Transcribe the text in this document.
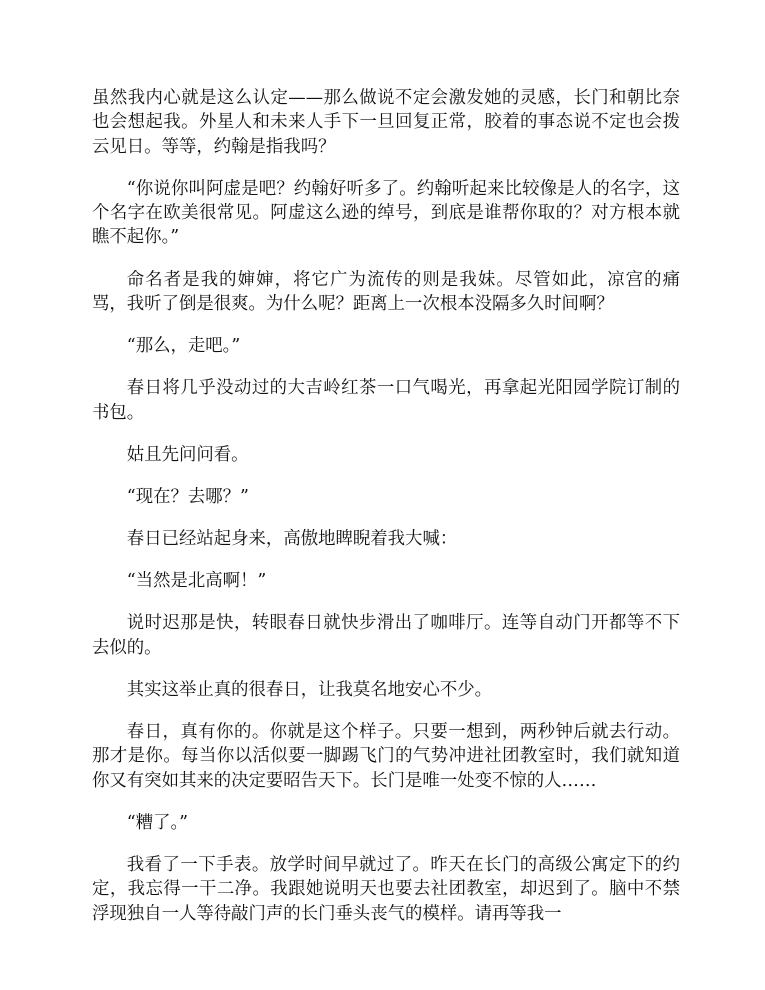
虽然我内心就是这么认定——那么做说不定会激发她的灵感，长门和朝比奈也会想起我。外星人和未来人手下一旦回复正常，胶着的事态说不定也会拨云见日。等等，约翰是指我吗？

“你说你叫阿虚是吧？约翰好听多了。约翰听起来比较像是人的名字，这个名字在欧美很常见。阿虚这么逊的绰号，到底是谁帮你取的？对方根本就瞧不起你。”

命名者是我的婶婶，将它广为流传的则是我妹。尽管如此，凉宫的痛骂，我听了倒是很爽。为什么呢？距离上一次根本没隔多久时间啊？

“那么，走吧。”

春日将几乎没动过的大吉岭红茶一口气喝光，再拿起光阳园学院订制的书包。

姑且先问问看。

“现在？去哪？”

春日已经站起身来，高傲地睥睨着我大喊：

“当然是北高啊！”

说时迟那是快，转眼春日就快步滑出了咖啡厅。连等自动门开都等不下去似的。

其实这举止真的很春日，让我莫名地安心不少。

春日，真有你的。你就是这个样子。只要一想到，两秒钟后就去行动。那才是你。每当你以活似要一脚踢飞门的气势冲进社团教室时，我们就知道你又有突如其来的决定要昭告天下。长门是唯一处变不惊的人……

“糟了。”

我看了一下手表。放学时间早就过了。昨天在长门的高级公寓定下的约定，我忘得一干二净。我跟她说明天也要去社团教室，却迟到了。脑中不禁浮现独自一人等待敲门声的长门垂头丧气的模样。请再等我一
